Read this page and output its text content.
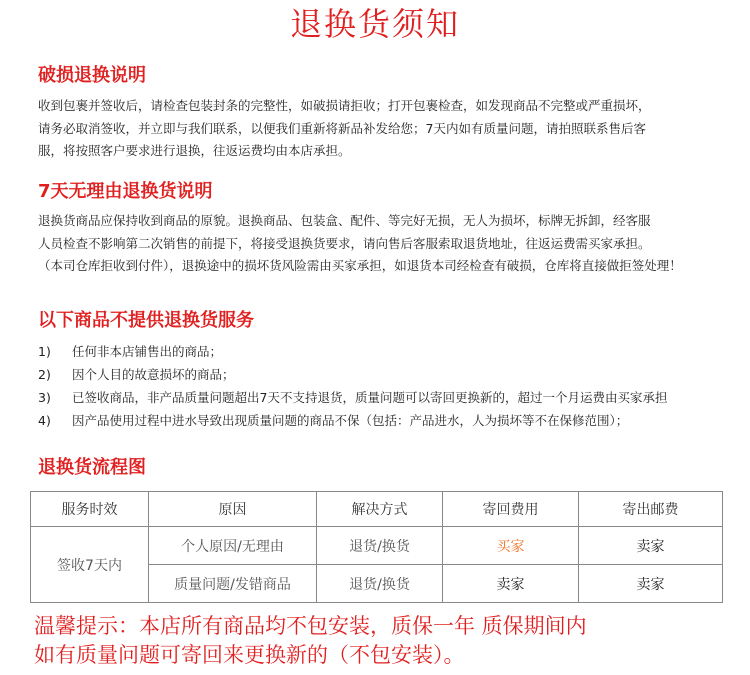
退换货须知
破损退换说明
收到包裹并签收后，请检查包装封条的完整性，如破损请拒收；打开包裹检查，如发现商品不完整或严重损坏，
请务必取消签收，并立即与我们联系，以便我们重新将新品补发给您；7天内如有质量问题，请拍照联系售后客
服，将按照客户要求进行退换，往返运费均由本店承担。
7天无理由退换货说明
退换货商品应保持收到商品的原貌。退换商品、包装盒、配件、等完好无损，无人为损坏，标牌无拆卸，经客服
人员检查不影响第二次销售的前提下，将接受退换货要求，请向售后客服索取退货地址，往返运费需买家承担。
（本司仓库拒收到付件），退换途中的损坏货风险需由买家承担，如退货本司经检查有破损，仓库将直接做拒签处理！
以下商品不提供退换货服务
1)	任何非本店铺售出的商品；
2)	因个人目的故意损坏的商品；
3)	已签收商品，非产品质量问题超出7天不支持退货，质量问题可以寄回更换新的，超过一个月运费由买家承担
4)	因产品使用过程中进水导致出现质量问题的商品不保（包括：产品进水，人为损坏等不在保修范围）；
退换货流程图
服务时效	原因	解决方式	寄回费用	寄出邮费
签收7天内	个人原因/无理由	退货/换货	买家	卖家
	质量问题/发错商品	退货/换货	卖家	卖家
温馨提示：本店所有商品均不包安装，质保一年 质保期间内
如有质量问题可寄回来更换新的（不包安装）。
